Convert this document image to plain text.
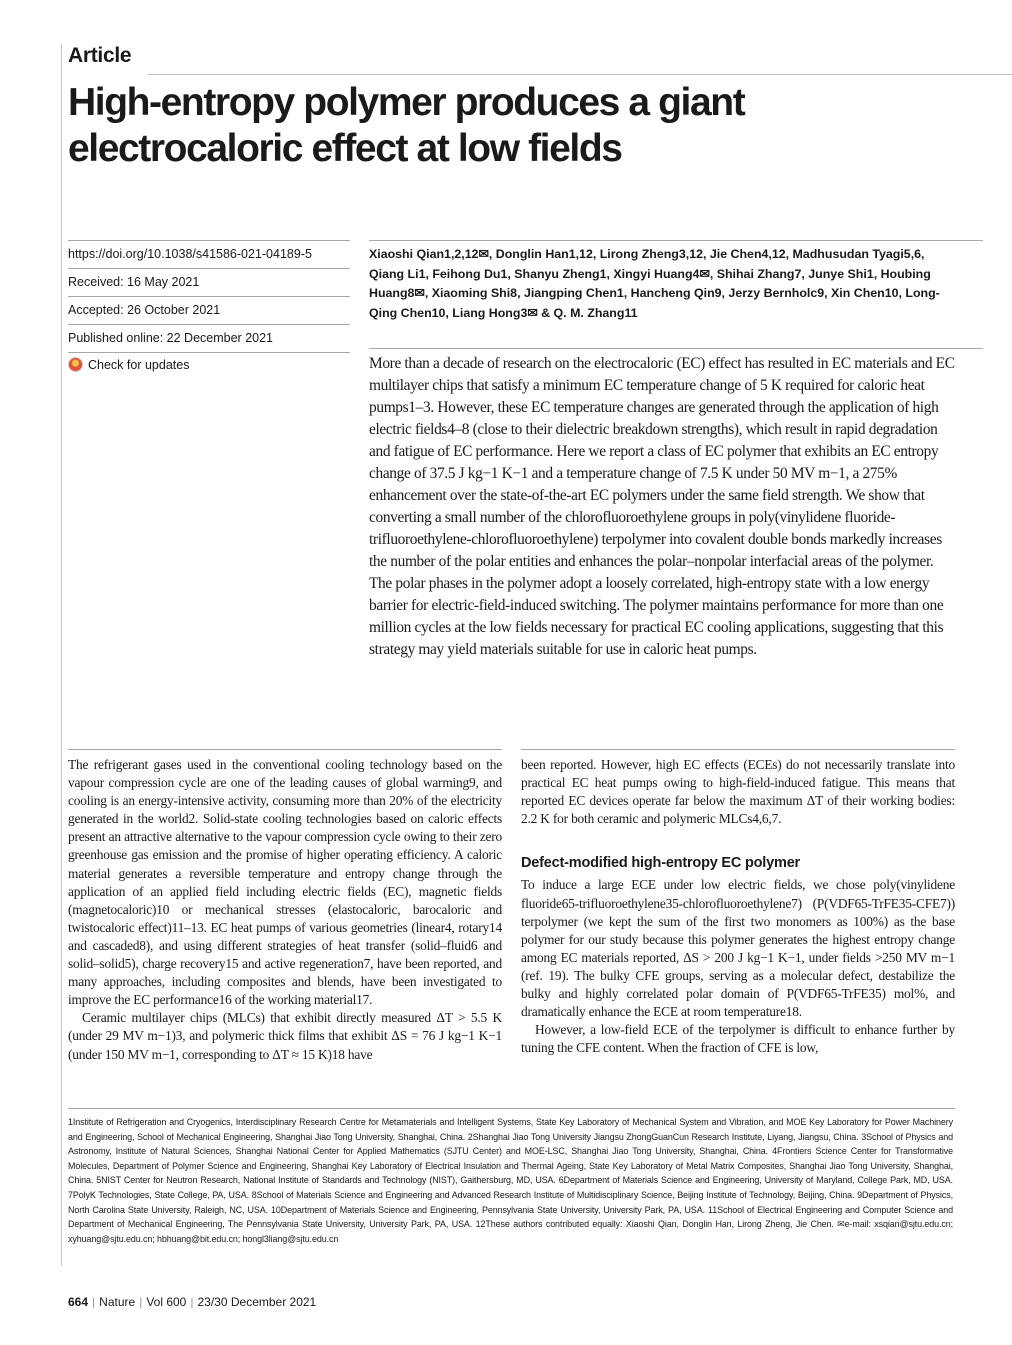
Article
High-entropy polymer produces a giant electrocaloric effect at low fields
https://doi.org/10.1038/s41586-021-04189-5
Received: 16 May 2021
Accepted: 26 October 2021
Published online: 22 December 2021
Check for updates
Xiaoshi Qian1,2,12✉, Donglin Han1,12, Lirong Zheng3,12, Jie Chen4,12, Madhusudan Tyagi5,6, Qiang Li1, Feihong Du1, Shanyu Zheng1, Xingyi Huang4✉, Shihai Zhang7, Junye Shi1, Houbing Huang8✉, Xiaoming Shi8, Jiangping Chen1, Hancheng Qin9, Jerzy Bernholc9, Xin Chen10, Long-Qing Chen10, Liang Hong3✉ & Q. M. Zhang11
More than a decade of research on the electrocaloric (EC) effect has resulted in EC materials and EC multilayer chips that satisfy a minimum EC temperature change of 5 K required for caloric heat pumps1–3. However, these EC temperature changes are generated through the application of high electric fields4–8 (close to their dielectric breakdown strengths), which result in rapid degradation and fatigue of EC performance. Here we report a class of EC polymer that exhibits an EC entropy change of 37.5 J kg−1 K−1 and a temperature change of 7.5 K under 50 MV m−1, a 275% enhancement over the state-of-the-art EC polymers under the same field strength. We show that converting a small number of the chlorofluoroethylene groups in poly(vinylidene fluoride-trifluoroethylene-chlorofluoroethylene) terpolymer into covalent double bonds markedly increases the number of the polar entities and enhances the polar–nonpolar interfacial areas of the polymer. The polar phases in the polymer adopt a loosely correlated, high-entropy state with a low energy barrier for electric-field-induced switching. The polymer maintains performance for more than one million cycles at the low fields necessary for practical EC cooling applications, suggesting that this strategy may yield materials suitable for use in caloric heat pumps.

The refrigerant gases used in the conventional cooling technology based on the vapour compression cycle are one of the leading causes of global warming9, and cooling is an energy-intensive activity, consuming more than 20% of the electricity generated in the world2. Solid-state cooling technologies based on caloric effects present an attractive alternative to the vapour compression cycle owing to their zero greenhouse gas emission and the promise of higher operating efficiency. A caloric material generates a reversible temperature and entropy change through the application of an applied field including electric fields (EC), magnetic fields (magnetocaloric)10 or mechanical stresses (elastocaloric, barocaloric and twistocaloric effect)11–13. EC heat pumps of various geometries (linear4, rotary14 and cascaded8), and using different strategies of heat transfer (solid–fluid6 and solid–solid5), charge recovery15 and active regeneration7, have been reported, and many approaches, including composites and blends, have been investigated to improve the EC performance16 of the working material17.

Ceramic multilayer chips (MLCs) that exhibit directly measured ΔT > 5.5 K (under 29 MV m−1)3, and polymeric thick films that exhibit ΔS = 76 J kg−1 K−1 (under 150 MV m−1, corresponding to ΔT ≈ 15 K)18 have

been reported. However, high EC effects (ECEs) do not necessarily translate into practical EC heat pumps owing to high-field-induced fatigue. This means that reported EC devices operate far below the maximum ΔT of their working bodies: 2.2 K for both ceramic and polymeric MLCs4,6,7.

Defect-modified high-entropy EC polymer

To induce a large ECE under low electric fields, we chose poly(vinylidene fluoride65-trifluoroethylene35-chlorofluoroethylene7) (P(VDF65-TrFE35-CFE7)) terpolymer (we kept the sum of the first two monomers as 100%) as the base polymer for our study because this polymer generates the highest entropy change among EC materials reported, ΔS > 200 J kg−1 K−1, under fields >250 MV m−1 (ref. 19). The bulky CFE groups, serving as a molecular defect, destabilize the bulky and highly correlated polar domain of P(VDF65-TrFE35) mol%, and dramatically enhance the ECE at room temperature18.

However, a low-field ECE of the terpolymer is difficult to enhance further by tuning the CFE content. When the fraction of CFE is low,

1Institute of Refrigeration and Cryogenics, Interdisciplinary Research Centre for Metamaterials and Intelligent Systems, State Key Laboratory of Mechanical System and Vibration, and MOE Key Laboratory for Power Machinery and Engineering, School of Mechanical Engineering, Shanghai Jiao Tong University, Shanghai, China. 2Shanghai Jiao Tong University Jiangsu ZhongGuanCun Research Institute, Liyang, Jiangsu, China. 3School of Physics and Astronomy, Institute of Natural Sciences, Shanghai National Center for Applied Mathematics (SJTU Center) and MOE-LSC, Shanghai Jiao Tong University, Shanghai, China. 4Frontiers Science Center for Transformative Molecules, Department of Polymer Science and Engineering, Shanghai Key Laboratory of Electrical Insulation and Thermal Ageing, State Key Laboratory of Metal Matrix Composites, Shanghai Jiao Tong University, Shanghai, China. 5NIST Center for Neutron Research, National Institute of Standards and Technology (NIST), Gaithersburg, MD, USA. 6Department of Materials Science and Engineering, University of Maryland, College Park, MD, USA. 7PolyK Technologies, State College, PA, USA. 8School of Materials Science and Engineering and Advanced Research Institute of Multidisciplinary Science, Beijing Institute of Technology, Beijing, China. 9Department of Physics, North Carolina State University, Raleigh, NC, USA. 10Department of Materials Science and Engineering, Pennsylvania State University, University Park, PA, USA. 11School of Electrical Engineering and Computer Science and Department of Mechanical Engineering, The Pennsylvania State University, University Park, PA, USA. 12These authors contributed equally: Xiaoshi Qian, Donglin Han, Lirong Zheng, Jie Chen. ✉e-mail: xsqian@sjtu.edu.cn; xyhuang@sjtu.edu.cn; hbhuang@bit.edu.cn; hongl3liang@sjtu.edu.cn
664 | Nature | Vol 600 | 23/30 December 2021
